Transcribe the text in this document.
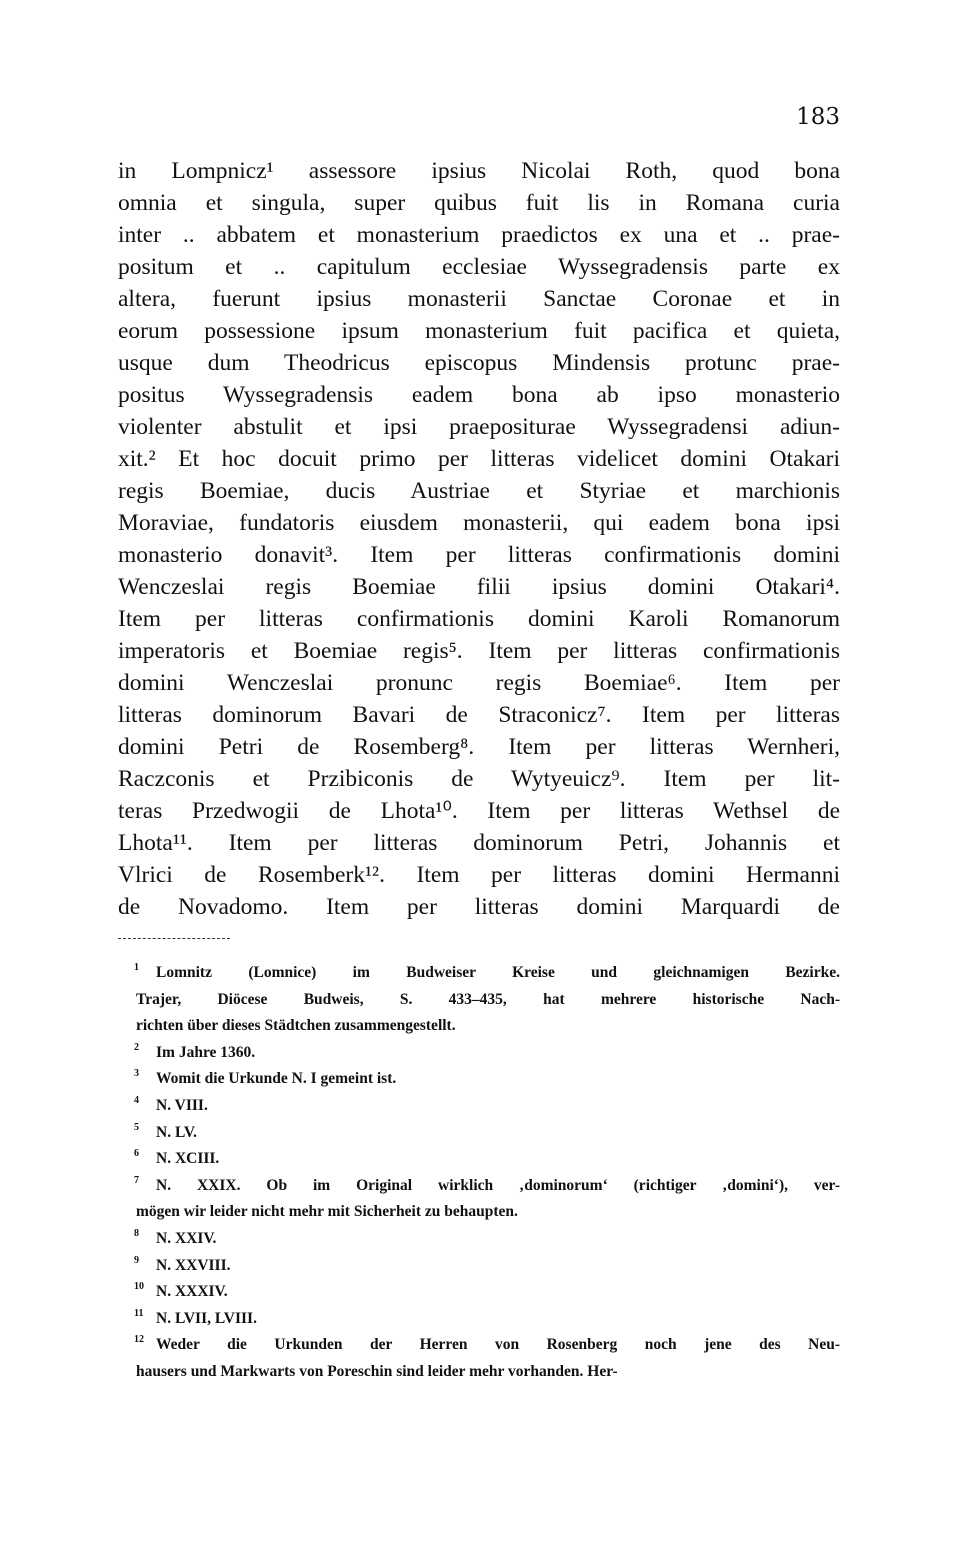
183
in Lompnicz¹ assessore ipsius Nicolai Roth, quod bona
omnia et singula, super quibus fuit lis in Romana curia
inter .. abbatem et monasterium praedictos ex una et .. prae-
positum et .. capitulum ecclesiae Wyssegradensis parte ex
altera, fuerunt ipsius monasterii Sanctae Coronae et in
eorum possessione ipsum monasterium fuit pacifica et quieta,
usque dum Theodricus episcopus Mindensis protunc prae-
positus Wyssegradensis eadem bona ab ipso monasterio
violenter abstulit et ipsi praepositurae Wyssegradensi adiun-
xit.² Et hoc docuit primo per litteras videlicet domini Otakari
regis Boemiae, ducis Austriae et Styriae et marchionis
Moraviae, fundatoris eiusdem monasterii, qui eadem bona ipsi
monasterio donavit³. Item per litteras confirmationis domini
Wenczeslai regis Boemiae filii ipsius domini Otakari⁴.
Item per litteras confirmationis domini Karoli Romanorum
imperatoris et Boemiae regis⁵. Item per litteras confirmationis
domini Wenczeslai pronunc regis Boemiae⁶. Item per
litteras dominorum Bavari de Straconicz⁷. Item per litteras
domini Petri de Rosemberg⁸. Item per litteras Wernheri,
Raczconis et Przibiconis de Wytyeuicz⁹. Item per lit-
teras Przedwogii de Lhota¹⁰. Item per litteras Wethsel de
Lhota¹¹. Item per litteras dominorum Petri, Johannis et
Vlrici de Rosemberk¹². Item per litteras domini Hermanni
de Novadomo. Item per litteras domini Marquardi de
1	Lomnitz (Lomnice) im Budweiser Kreise und gleichnamigen Bezirke.
Trajer, Diöcese Budweis, S. 433–435, hat mehrere historische Nach-
richten über dieses Städtchen zusammengestellt.
2	Im Jahre 1360.
3	Womit die Urkunde N. I gemeint ist.
4	N. VIII.
5	N. LV.
6	N. XCIII.
7	N. XXIX. Ob im Original wirklich ‚dominorum‘ (richtiger ‚domini‘), ver-
mögen wir leider nicht mehr mit Sicherheit zu behaupten.
8	N. XXIV.
9	N. XXVIII.
10 N. XXXIV.
11 N. LVII, LVIII.
12 Weder die Urkunden der Herren von Rosenberg noch jene des Neu-
hausers und Markwarts von Poreschin sind leider mehr vorhanden. Her-
